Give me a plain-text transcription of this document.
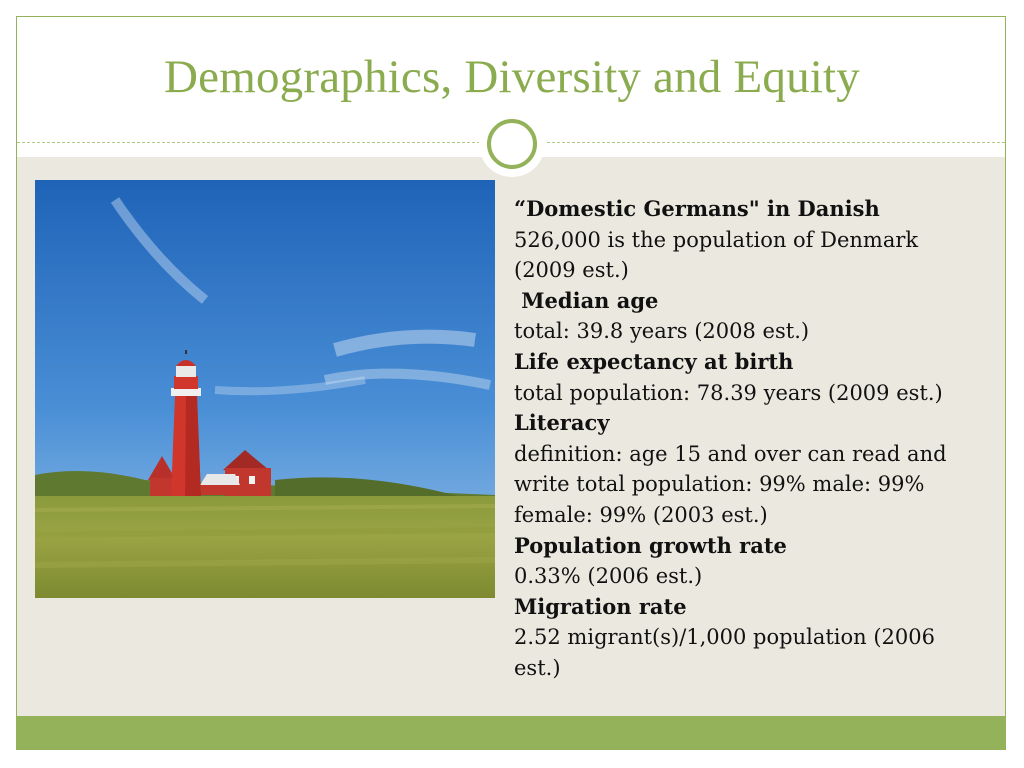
Demographics, Diversity and Equity

“Domestic Germans" in Danish

526,000 is the population of Denmark (2009 est.)

Median age

total: 39.8 years (2008 est.)

Life expectancy at birth

total population: 78.39 years (2009 est.)

Literacy

definition: age 15 and over can read and write total population: 99% male: 99% female: 99% (2003 est.)

Population growth rate

0.33% (2006 est.)

Migration rate

2.52 migrant(s)/1,000 population (2006 est.)
